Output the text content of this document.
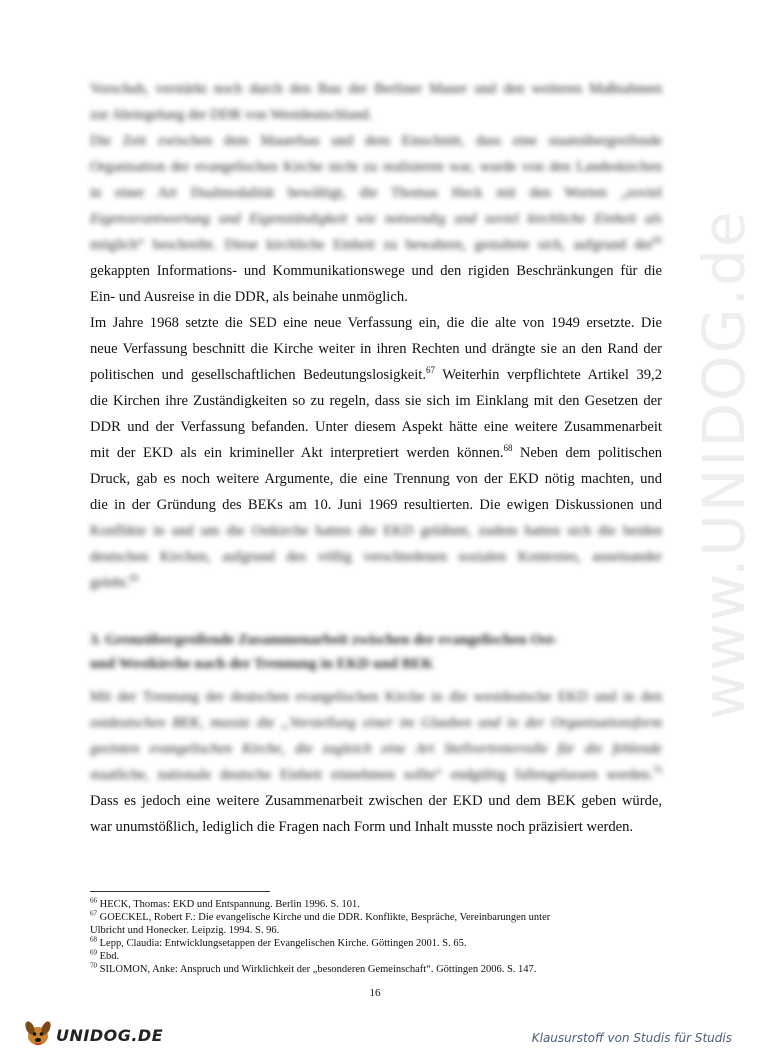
www.UNIDOG.de
Vorschub, verstärkt noch durch den Bau der Berliner Mauer und den weiteren Maßnahmen
zur Abriegelung der DDR von Westdeutschland.
Die Zeit zwischen dem Mauerbau und dem Einschnitt, dass eine staatsübergreifende
Organisation der evangelischen Kirche nicht zu realisieren war, wurde von den Landeskirchen
in einer Art Dualmodalität bewältigt, die Thomas Heck mit den Worten „soviel
Eigenverantwortung und Eigenständigkeit wie notwendig und soviel kirchliche Einheit als
möglich“ beschreibt. Diese kirchliche Einheit zu bewahren, gestaltete sich, aufgrund der$^{66}$
gekappten Informations- und Kommunikationswege und den rigiden Beschränkungen für die
Ein- und Ausreise in die DDR, als beinahe unmöglich.
Im Jahre 1968 setzte die SED eine neue Verfassung ein, die die alte von 1949 ersetzte. Die
neue Verfassung beschnitt die Kirche weiter in ihren Rechten und drängte sie an den Rand der
politischen und gesellschaftlichen Bedeutungslosigkeit.$^{67}$ Weiterhin verpflichtete Artikel 39,2
die Kirchen ihre Zuständigkeiten so zu regeln, dass sie sich im Einklang mit den Gesetzen der
DDR und der Verfassung befanden. Unter diesem Aspekt hätte eine weitere Zusammenarbeit
mit der EKD als ein krimineller Akt interpretiert werden können.$^{68}$ Neben dem politischen
Druck, gab es noch weitere Argumente, die eine Trennung von der EKD nötig machten, und
die in der Gründung des BEKs am 10. Juni 1969 resultierten. Die ewigen Diskussionen und
Konflikte in und um die Ostkirche hatten die EKD gelähmt, zudem hatten sich die beiden
deutschen Kirchen, aufgrund des völlig verschiedenen sozialen Kontextes, auseinander
gelebt.$^{69}$
3. Grenzübergreifende Zusammenarbeit zwischen der evangelischen Ost-
und Westkirche nach der Trennung in EKD und BEK
Mit der Trennung der deutschen evangelischen Kirche in die westdeutsche EKD und in den
ostdeutschen BEK, musste die „Vorstellung einer im Glauben und in der Organisationsform
geeinten evangelischen Kirche, die zugleich eine Art Stellvertreterrolle für die fehlende
staatliche, nationale deutsche Einheit einnehmen sollte“ endgültig fallengelassen werden.$^{70}$
Dass es jedoch eine weitere Zusammenarbeit zwischen der EKD und dem BEK geben würde,
war unumstößlich, lediglich die Fragen nach Form und Inhalt musste noch präzisiert werden.
$^{66}$ HECK, Thomas: EKD und Entspannung. Berlin 1996. S. 101.
$^{67}$ GOECKEL, Robert F.: Die evangelische Kirche und die DDR. Konflikte, Bespräche, Vereinbarungen unter
Ulbricht und Honecker. Leipzig. 1994. S. 96.
$^{68}$ Lepp, Claudia: Entwicklungsetappen der Evangelischen Kirche. Göttingen 2001. S. 65.
$^{69}$ Ebd.
$^{70}$ SILOMON, Anke: Anspruch und Wirklichkeit der „besonderen Gemeinschaft“. Göttingen 2006. S. 147.
16
UNIDOG.DE	Klausurstoff von Studis für Studis
